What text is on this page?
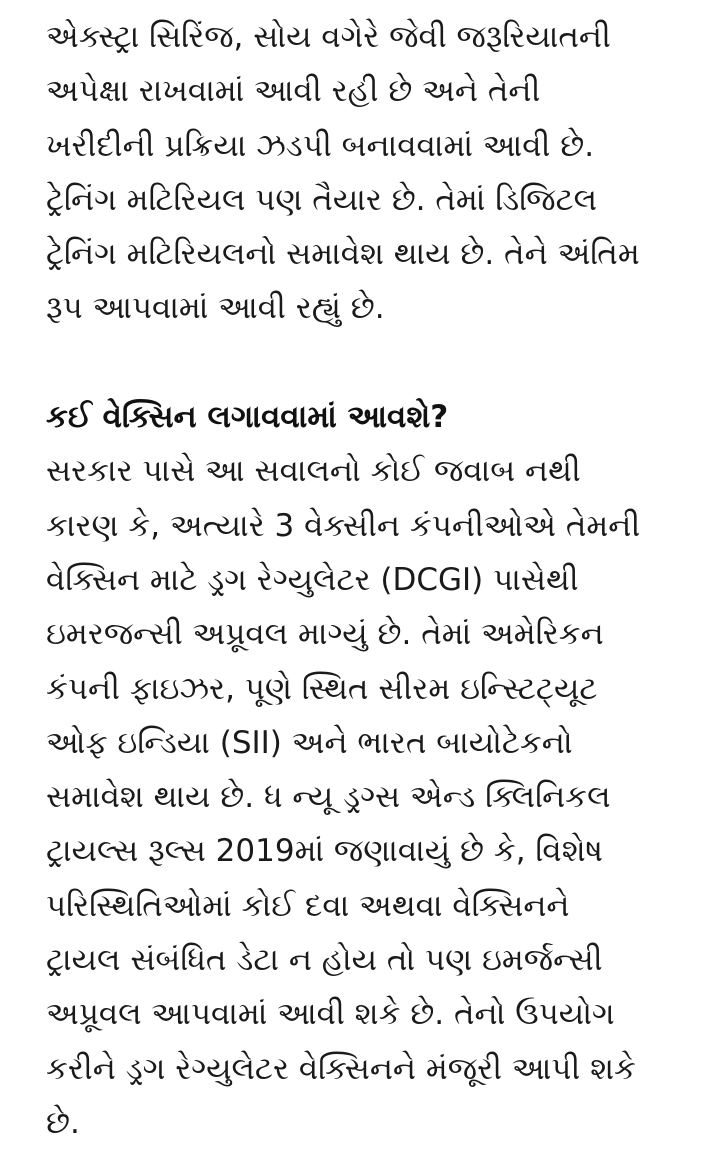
એક્સ્ટ્રા સિરિંજ, સોય વગેરે જેવી જરૂરિયાતની
અપેક્ષા રાખવામાં આવી રહી છે અને તેની
ખરીદીની પ્રક્રિયા ઝડપી બનાવવામાં આવી છે.
ટ્રેનિંગ મટિરિયલ પણ તૈયાર છે. તેમાં ડિજિટલ
ટ્રેનિંગ મટિરિયલનો સમાવેશ થાય છે. તેને અંતિમ
રૂપ આપવામાં આવી રહ્યું છે.
કઈ વેક્સિન લગાવવામાં આવશે?
સરકાર પાસે આ સવાલનો કોઈ જવાબ નથી
કારણ કે, અત્યારે 3 વેક્સીન કંપનીઓએ તેમની
વેક્સિન માટે ડ્રગ રેગ્યુલેટર (DCGI) પાસેથી
ઇમરજન્સી અપ્રૂવલ માગ્યું છે. તેમાં અમેરિકન
કંપની ફાઇઝર, પૂણે સ્થિત સીરમ ઇન્સ્ટિટ્યૂટ
ઓફ ઇન્ડિયા (SII) અને ભારત બાયોટેકનો
સમાવેશ થાય છે. ધ ન્યૂ ડ્રગ્સ એન્ડ ક્લિનિકલ
ટ્રાયલ્સ રૂલ્સ 2019માં જણાવાયું છે કે, વિશેષ
પરિસ્થિતિઓમાં કોઈ દવા અથવા વેક્સિનને
ટ્રાયલ સંબંધિત ડેટા ન હોય તો પણ ઇમર્જન્સી
અપ્રૂવલ આપવામાં આવી શકે છે. તેનો ઉપયોગ
કરીને ડ્રગ રેગ્યુલેટર વેક્સિનને મંજૂરી આપી શકે
છે.
